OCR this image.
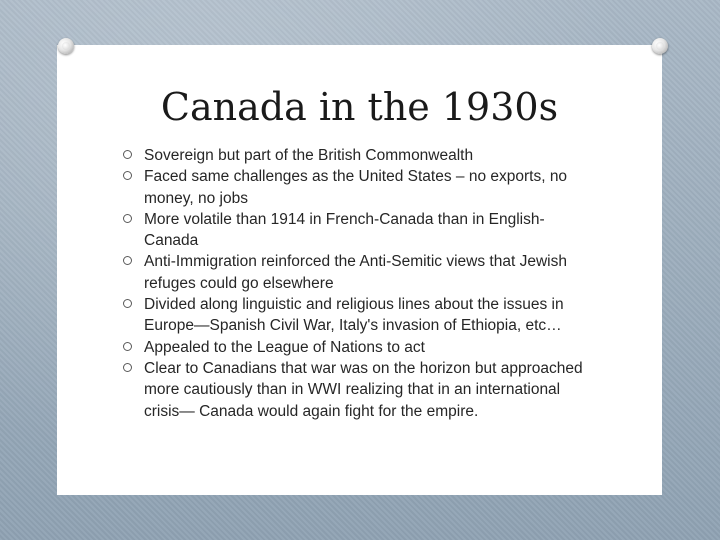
Canada in the 1930s
Sovereign but part of the British Commonwealth
Faced same challenges as the United States – no exports, no money, no jobs
More volatile than 1914 in French-Canada than in English-Canada
Anti-Immigration reinforced the Anti-Semitic views that Jewish refuges could go elsewhere
Divided along linguistic and religious lines about the issues in Europe—Spanish Civil War, Italy's invasion of Ethiopia, etc…
Appealed to the League of Nations to act
Clear to Canadians that war was on the horizon but approached more cautiously than in WWI realizing that in an international crisis— Canada would again fight for the empire.
